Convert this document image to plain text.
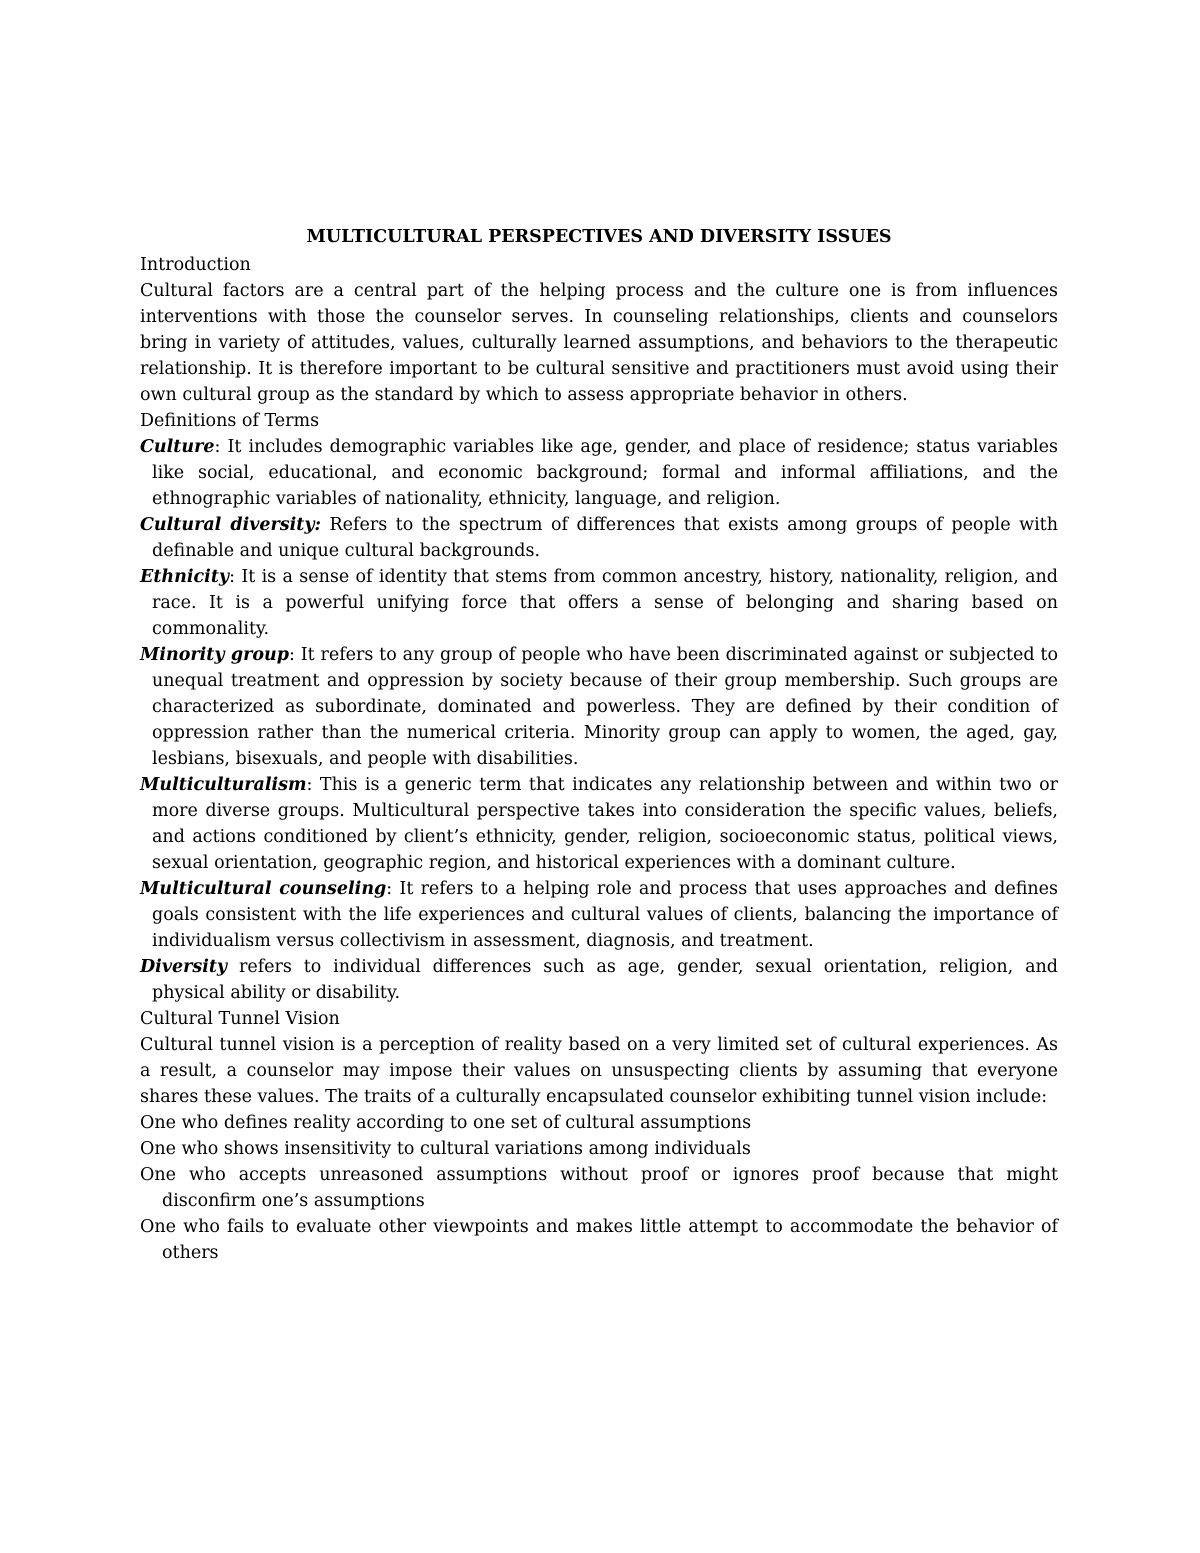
MULTICULTURAL PERSPECTIVES AND DIVERSITY ISSUES

Introduction

Cultural factors are a central part of the helping process and the culture one is from influences interventions with those the counselor serves. In counseling relationships, clients and counselors bring in variety of attitudes, values, culturally learned assumptions, and behaviors to the therapeutic relationship. It is therefore important to be cultural sensitive and practitioners must avoid using their own cultural group as the standard by which to assess appropriate behavior in others.

Definitions of Terms

Culture: It includes demographic variables like age, gender, and place of residence; status variables like social, educational, and economic background; formal and informal affiliations, and the ethnographic variables of nationality, ethnicity, language, and religion.

Cultural diversity: Refers to the spectrum of differences that exists among groups of people with definable and unique cultural backgrounds.

Ethnicity: It is a sense of identity that stems from common ancestry, history, nationality, religion, and race. It is a powerful unifying force that offers a sense of belonging and sharing based on commonality.

Minority group: It refers to any group of people who have been discriminated against or subjected to unequal treatment and oppression by society because of their group membership. Such groups are characterized as subordinate, dominated and powerless. They are defined by their condition of oppression rather than the numerical criteria. Minority group can apply to women, the aged, gay, lesbians, bisexuals, and people with disabilities.

Multiculturalism: This is a generic term that indicates any relationship between and within two or more diverse groups. Multicultural perspective takes into consideration the specific values, beliefs, and actions conditioned by client’s ethnicity, gender, religion, socioeconomic status, political views, sexual orientation, geographic region, and historical experiences with a dominant culture.

Multicultural counseling: It refers to a helping role and process that uses approaches and defines goals consistent with the life experiences and cultural values of clients, balancing the importance of individualism versus collectivism in assessment, diagnosis, and treatment.

Diversity refers to individual differences such as age, gender, sexual orientation, religion, and physical ability or disability.

Cultural Tunnel Vision

Cultural tunnel vision is a perception of reality based on a very limited set of cultural experiences. As a result, a counselor may impose their values on unsuspecting clients by assuming that everyone shares these values. The traits of a culturally encapsulated counselor exhibiting tunnel vision include:

One who defines reality according to one set of cultural assumptions

One who shows insensitivity to cultural variations among individuals

One who accepts unreasoned assumptions without proof or ignores proof because that might disconfirm one’s assumptions

One who fails to evaluate other viewpoints and makes little attempt to accommodate the behavior of others
